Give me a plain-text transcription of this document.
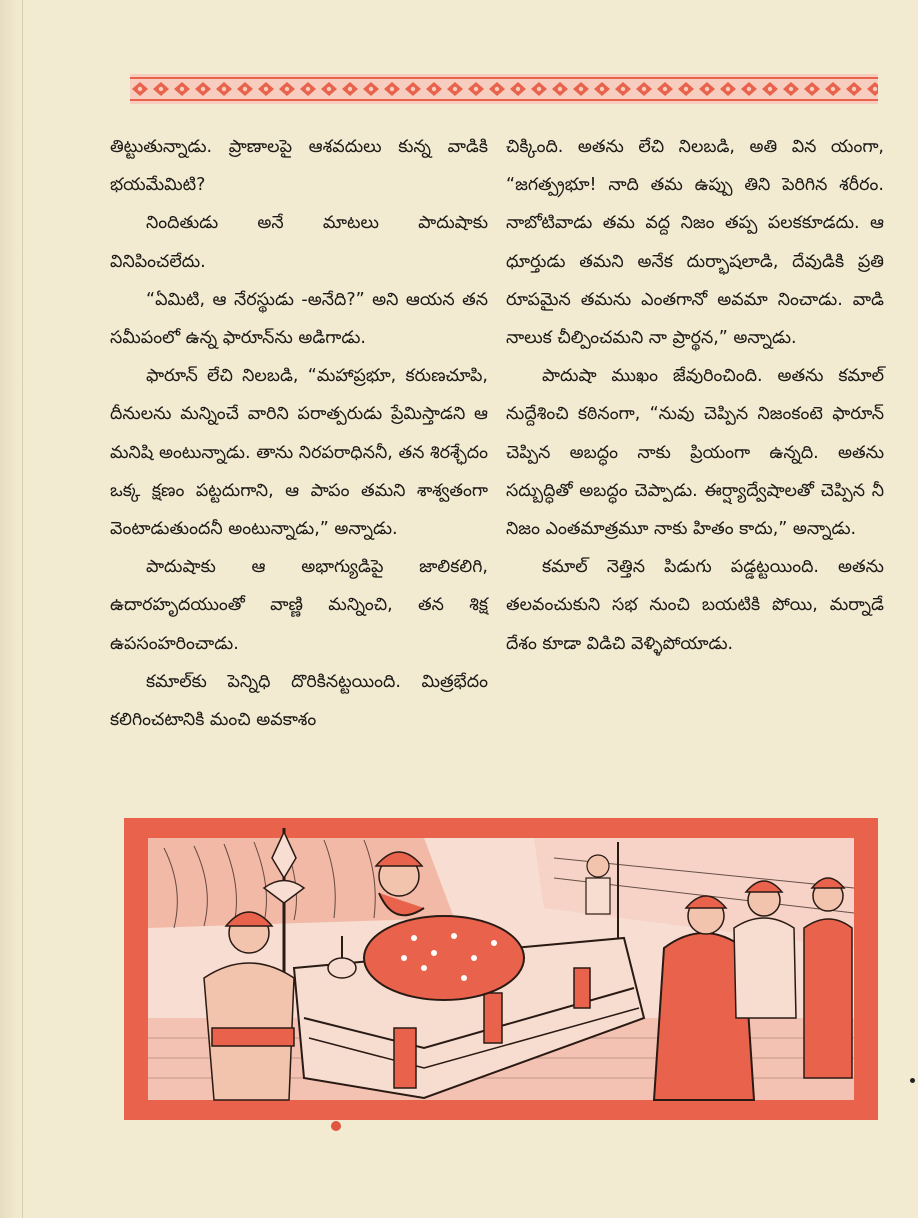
తిట్టుతున్నాడు. ప్రాణాలపై ఆశవదులు కున్న వాడికి భయమేమిటి?

నిందితుడు అనే మాటలు పాదుషాకు వినిపించలేదు.

“ఏమిటి, ఆ నేరస్థుడు -అనేది?” అని ఆయన తన సమీపంలో ఉన్న ఫారూన్‌ను అడిగాడు.

ఫారూన్ లేచి నిలబడి, “మహాప్రభూ, కరుణచూపి, దీనులను మన్నించే వారిని పరాత్పరుడు ప్రేమిస్తాడని ఆ మనిషి అంటున్నాడు. తాను నిరపరాధిననీ, తన శిరశ్ఛేదం ఒక్క క్షణం పట్టదుగాని, ఆ పాపం తమని శాశ్వతంగా వెంటాడుతుందనీ అంటున్నాడు,” అన్నాడు.

పాదుషాకు ఆ అభాగ్యుడిపై జాలికలిగి, ఉదారహృదయుంతో వాణ్ణి మన్నించి, తన శిక్ష ఉపసంహరించాడు.

కమాల్‌కు పెన్నిధి దొరికినట్టయింది. మిత్రభేదం కలిగించటానికి మంచి అవకాశం

చిక్కింది. అతను లేచి నిలబడి, అతి విన యంగా, “జగత్ప్రభూ! నాది తమ ఉప్పు తిని పెరిగిన శరీరం. నాబోటివాడు తమ వద్ద నిజం తప్ప పలకకూడదు. ఆ ధూర్తుడు తమని అనేక దుర్భాషలాడి, దేవుడికి ప్రతి రూపమైన తమను ఎంతగానో అవమా నించాడు. వాడి నాలుక చీల్పించమని నా ప్రార్థన,” అన్నాడు.

పాదుషా ముఖం జేవురించింది. అతను కమాల్ నుద్దేశించి కఠినంగా, “నువు చెప్పిన నిజంకంటె ఫారూన్ చెప్పిన అబద్ధం నాకు ప్రియంగా ఉన్నది. అతను సద్బుద్ధితో అబద్ధం చెప్పాడు. ఈర్ష్యాద్వేషాలతో చెప్పిన నీ నిజం ఎంతమాత్రమూ నాకు హితం కాదు,” అన్నాడు.

కమాల్ నెత్తిన పిడుగు పడ్డట్టయింది. అతను తలవంచుకుని సభ నుంచి బయటికి పోయి, మర్నాడే దేశం కూడా విడిచి వెళ్ళిపోయాడు.
